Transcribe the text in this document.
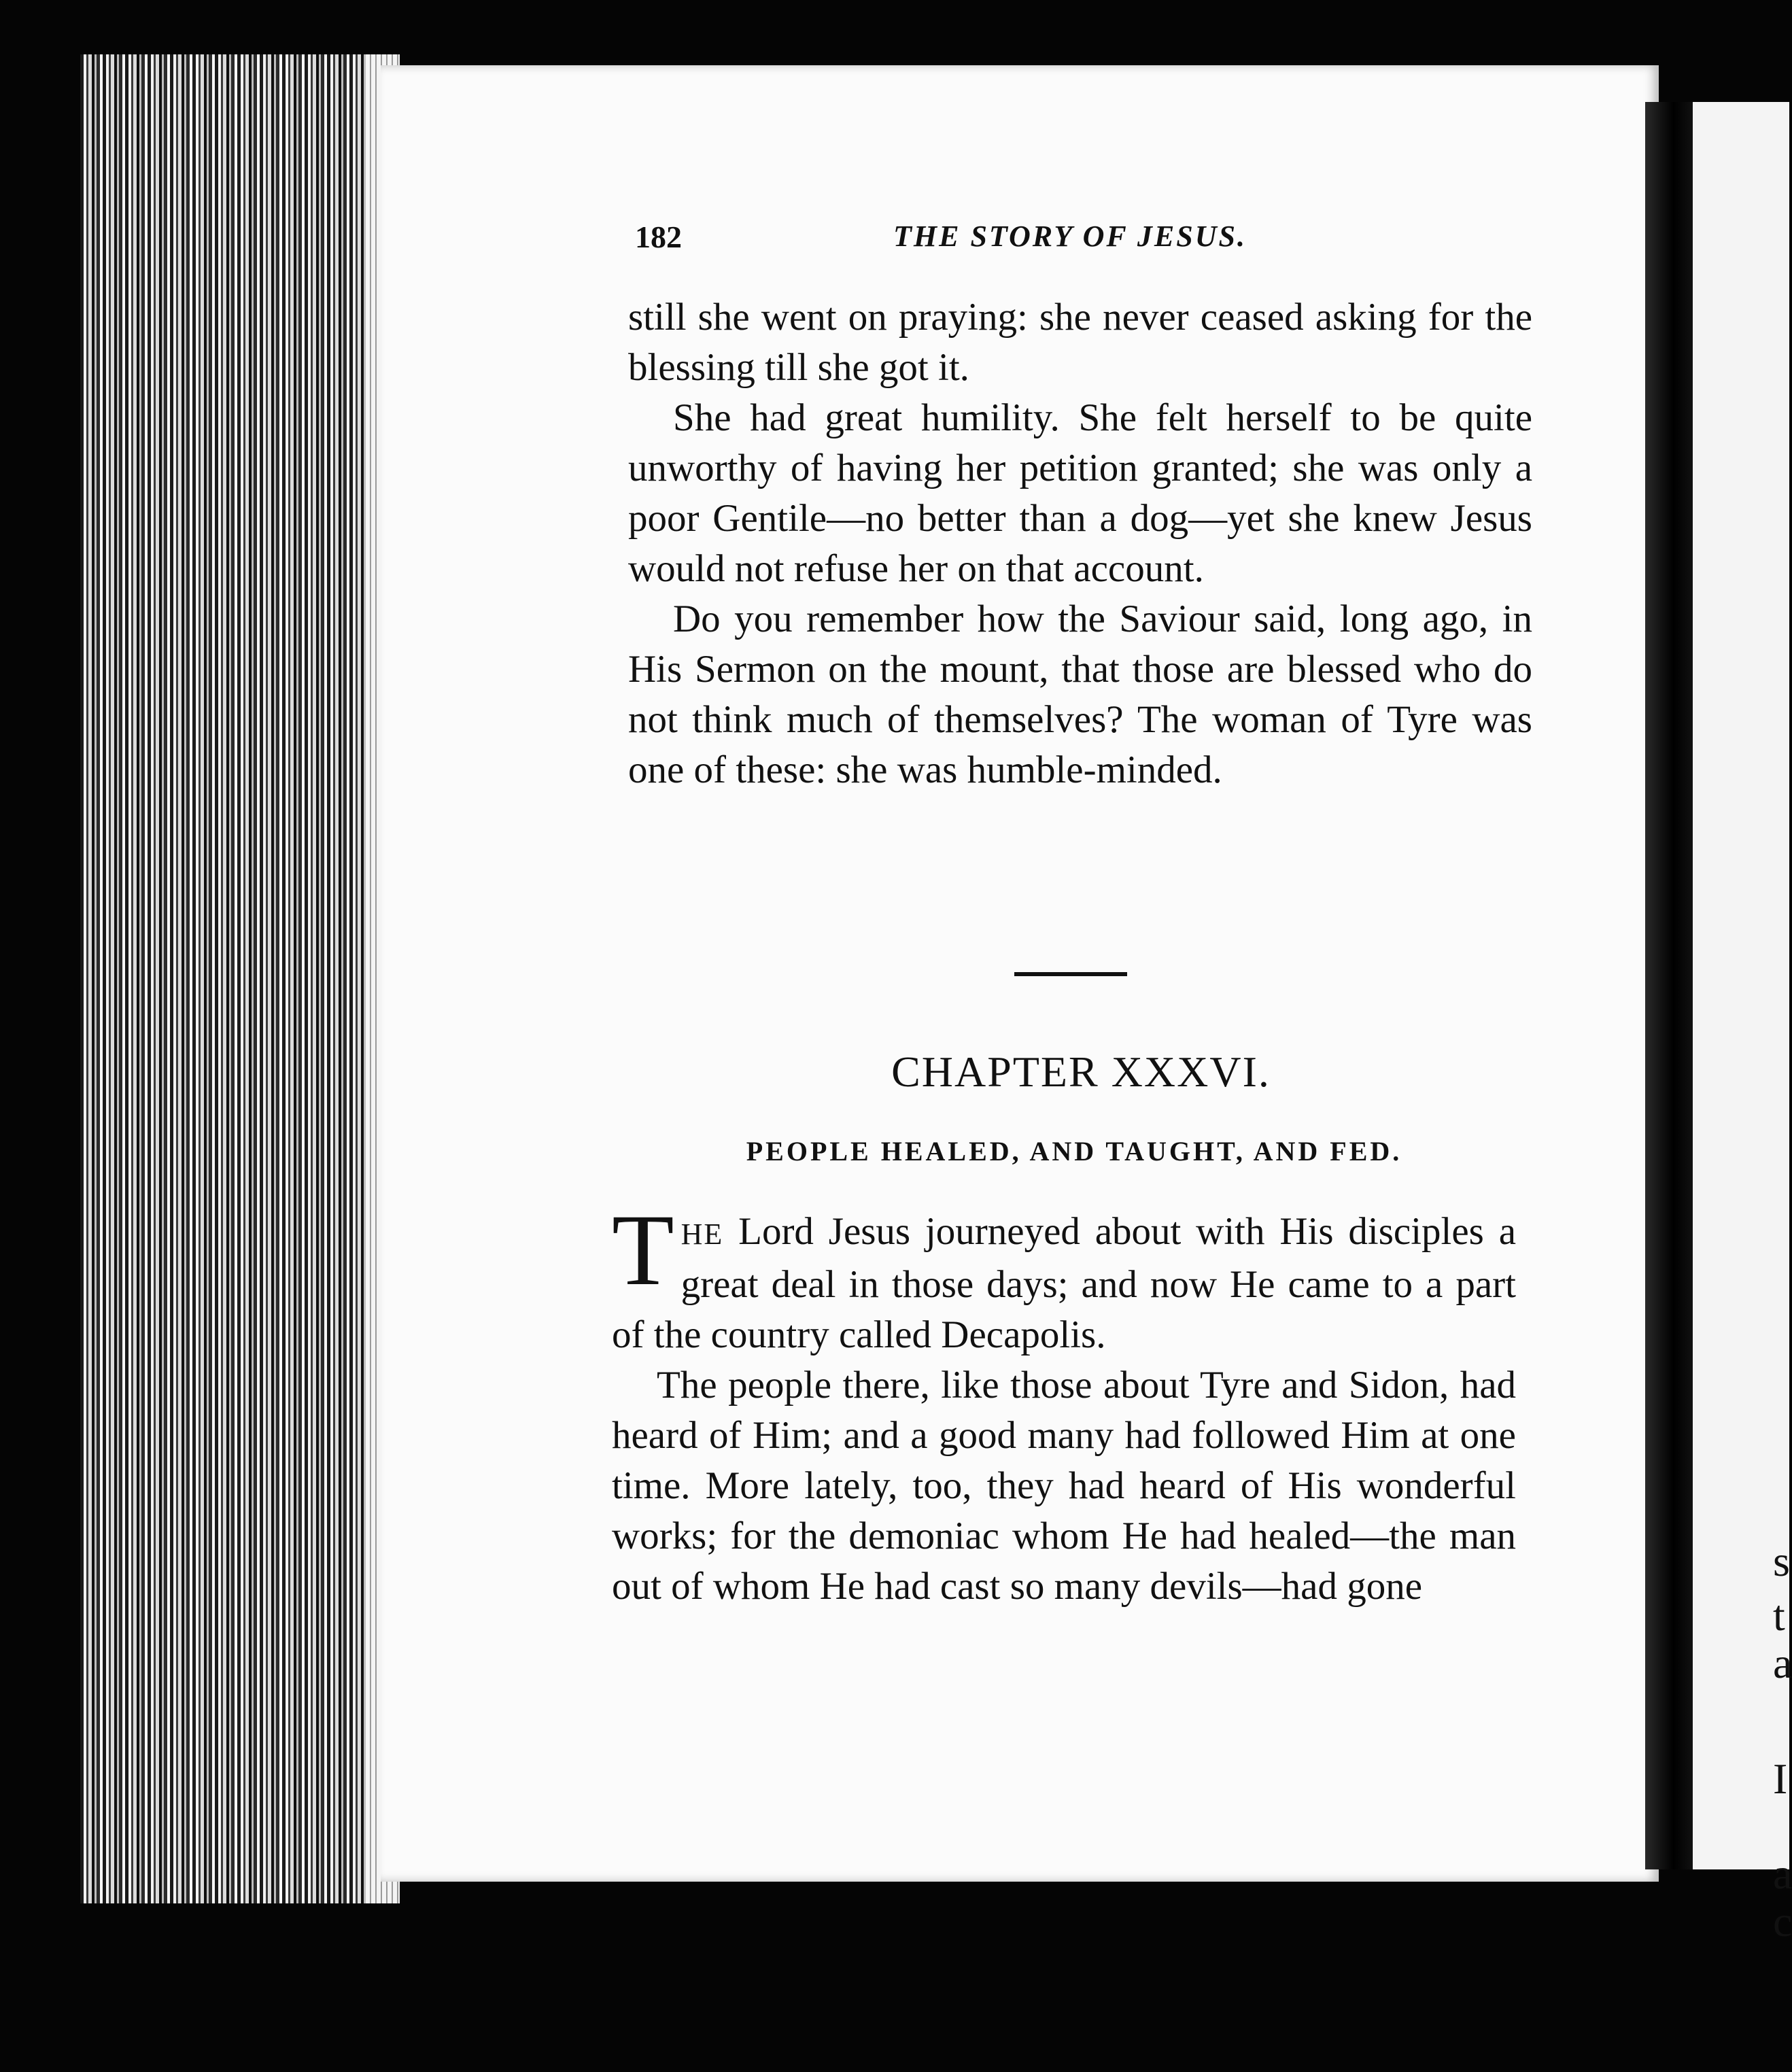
s
t
a
I
a
c
182	THE STORY OF JESUS.

still she went on praying: she never ceased asking for the blessing till she got it.

She had great humility. She felt herself to be quite unworthy of having her petition granted; she was only a poor Gentile—no better than a dog—yet she knew Jesus would not refuse her on that account.

Do you remember how the Saviour said, long ago, in His Sermon on the mount, that those are blessed who do not think much of themselves? The woman of Tyre was one of these: she was humble-minded.

CHAPTER XXXVI.
PEOPLE HEALED, AND TAUGHT, AND FED.

THE Lord Jesus journeyed about with His disciples a great deal in those days; and now He came to a part of the country called Decapolis.

The people there, like those about Tyre and Sidon, had heard of Him; and a good many had followed Him at one time. More lately, too, they had heard of His wonderful works; for the demoniac whom He had healed—the man out of whom He had cast so many devils—had gone
